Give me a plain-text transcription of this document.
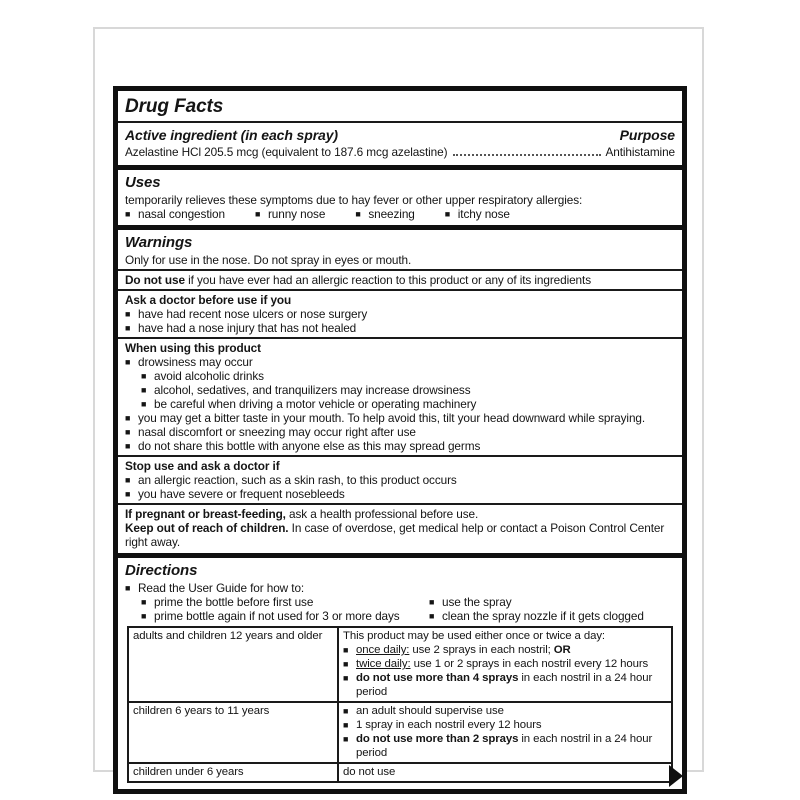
Drug Facts
Active ingredient (in each spray)	Purpose
Azelastine HCl 205.5 mcg (equivalent to 187.6 mcg azelastine)	Antihistamine
Uses
temporarily relieves these symptoms due to hay fever or other upper respiratory allergies:
■ nasal congestion	■ runny nose	■ sneezing	■ itchy nose
Warnings
Only for use in the nose. Do not spray in eyes or mouth.
Do not use if you have ever had an allergic reaction to this product or any of its ingredients
Ask a doctor before use if you
■ have had recent nose ulcers or nose surgery
■ have had a nose injury that has not healed
When using this product
■ drowsiness may occur
■ avoid alcoholic drinks
■ alcohol, sedatives, and tranquilizers may increase drowsiness
■ be careful when driving a motor vehicle or operating machinery
■ you may get a bitter taste in your mouth. To help avoid this, tilt your head downward while spraying.
■ nasal discomfort or sneezing may occur right after use
■ do not share this bottle with anyone else as this may spread germs
Stop use and ask a doctor if
■ an allergic reaction, such as a skin rash, to this product occurs
■ you have severe or frequent nosebleeds
If pregnant or breast-feeding, ask a health professional before use.
Keep out of reach of children. In case of overdose, get medical help or contact a Poison Control Center right away.
Directions
■ Read the User Guide for how to:
■ prime the bottle before first use	■ use the spray
■ prime bottle again if not used for 3 or more days	■ clean the spray nozzle if it gets clogged
adults and children 12 years and older	This product may be used either once or twice a day:
■ once daily: use 2 sprays in each nostril; OR
■ twice daily: use 1 or 2 sprays in each nostril every 12 hours
■ do not use more than 4 sprays in each nostril in a 24 hour period

children 6 years to 11 years	■ an adult should supervise use
■ 1 spray in each nostril every 12 hours
■ do not use more than 2 sprays in each nostril in a 24 hour period

children under 6 years	do not use
